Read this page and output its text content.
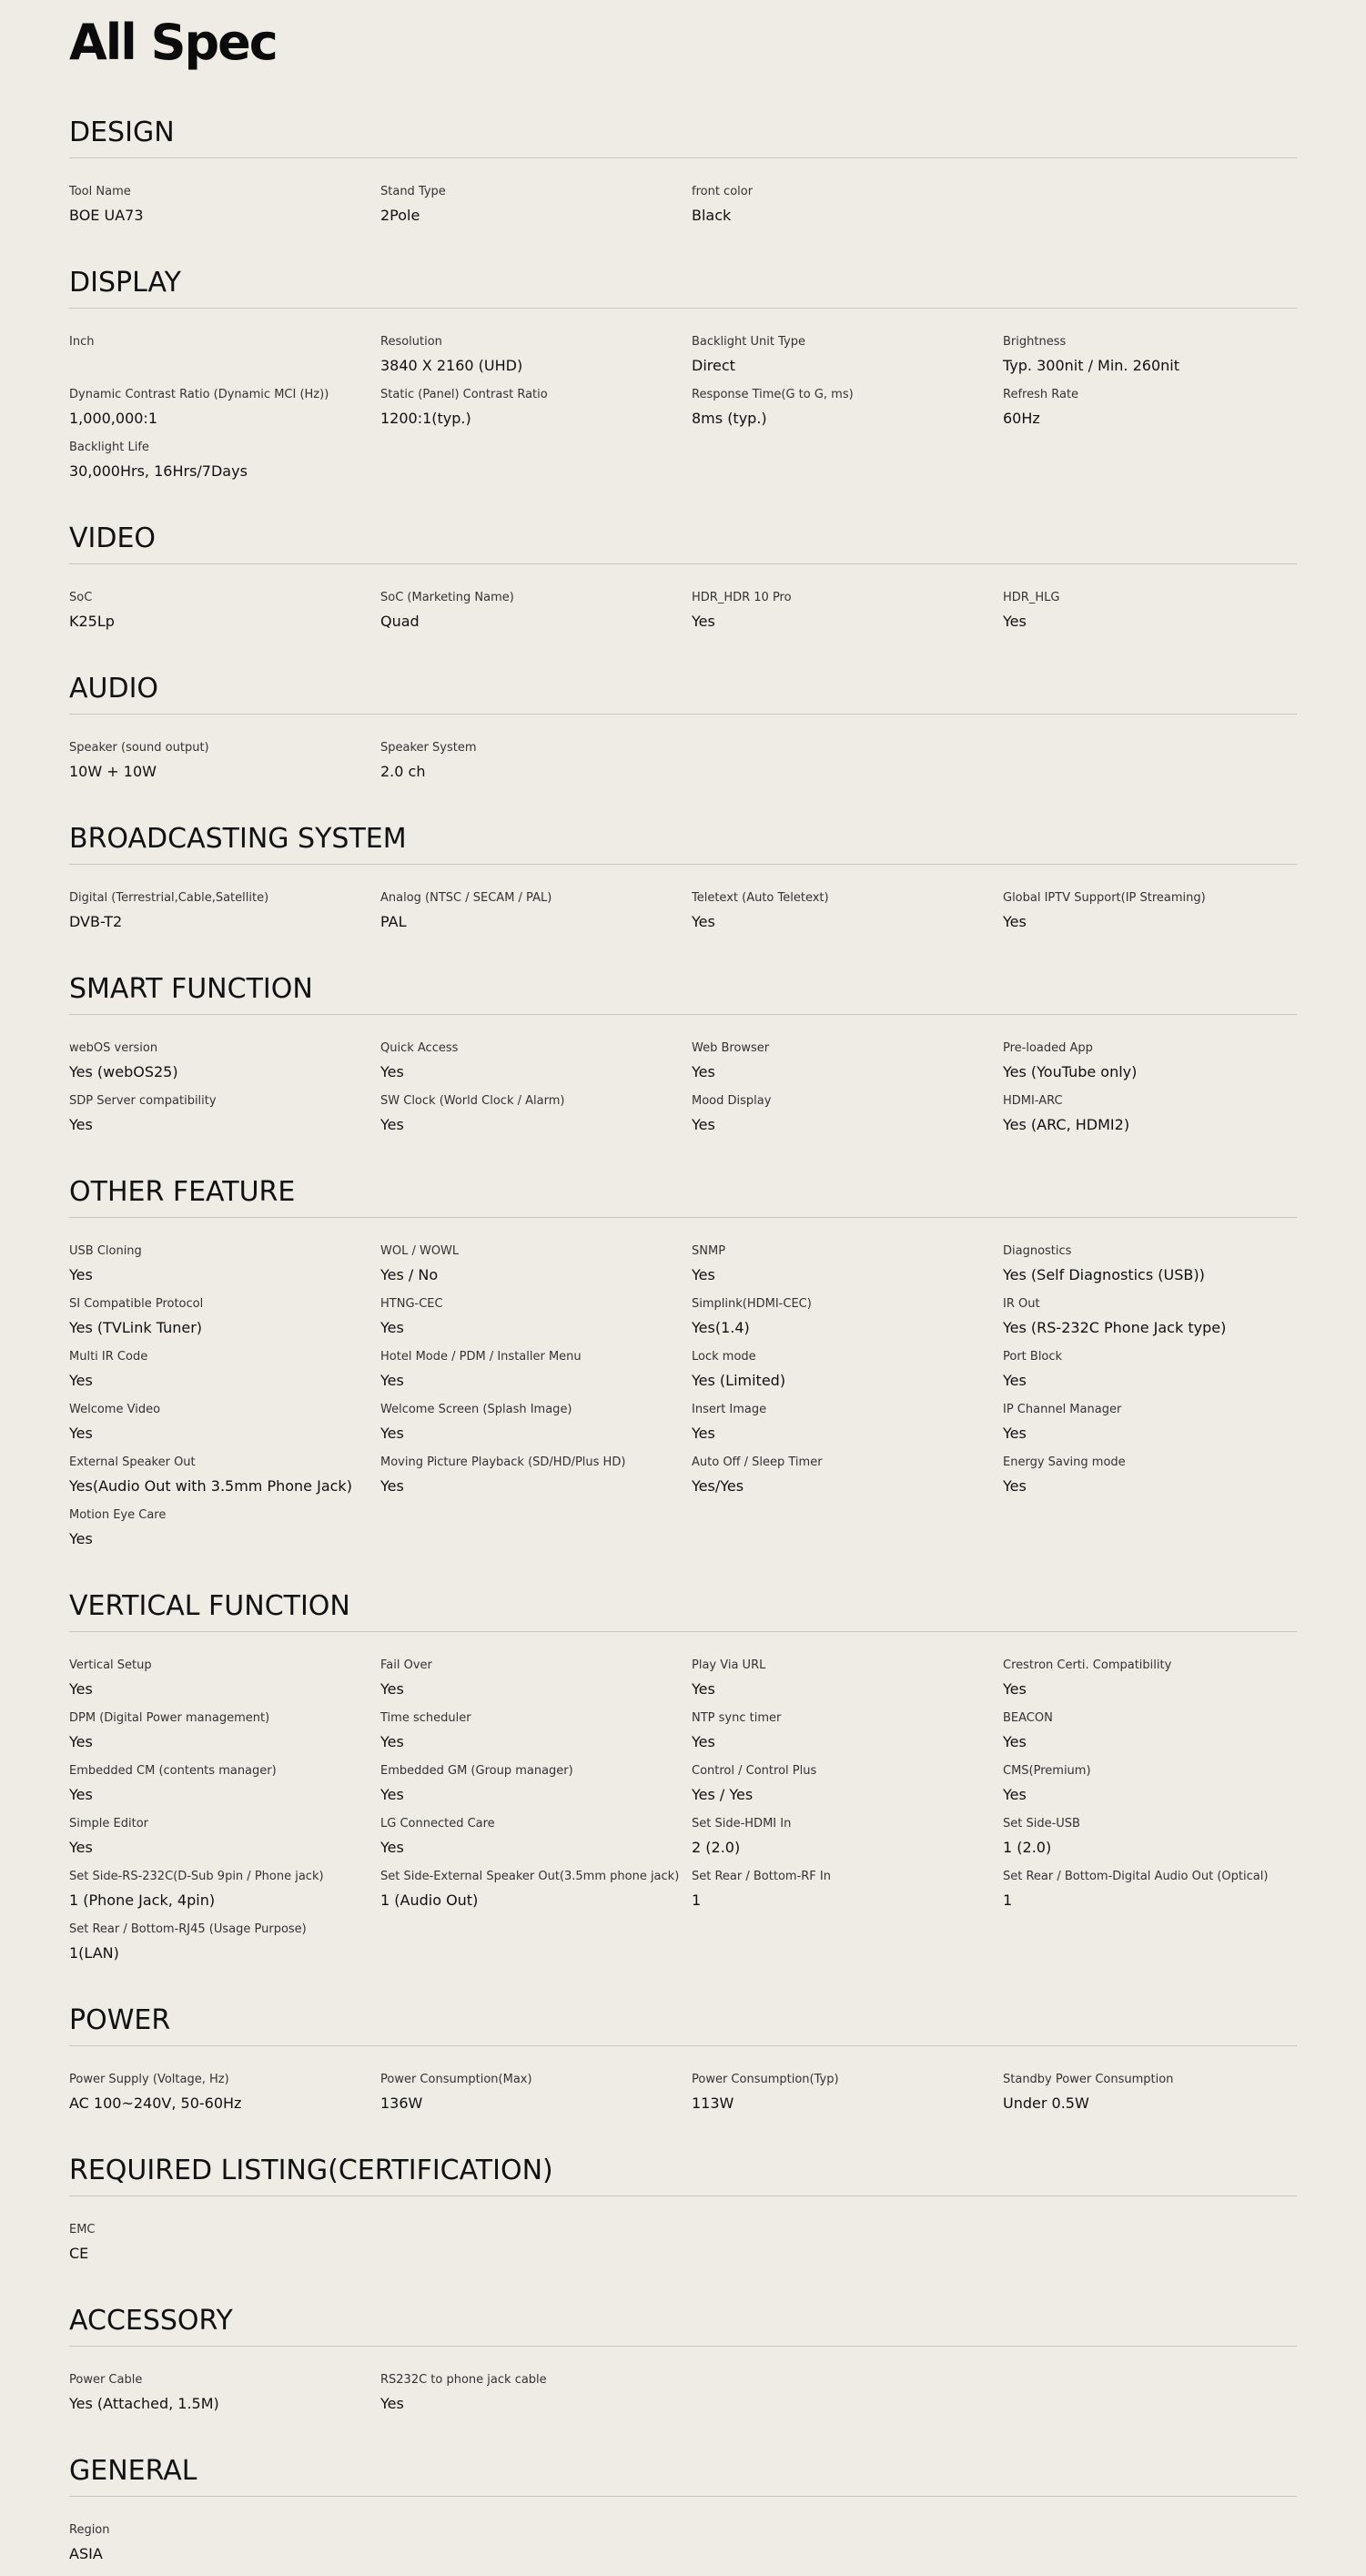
All Spec
DESIGN
Tool Name
BOE UA73
Stand Type
2Pole
front color
Black
DISPLAY
Inch	Resolution
3840 X 2160 (UHD)
Backlight Unit Type
Direct
Brightness
Typ. 300nit / Min. 260nit
Dynamic Contrast Ratio (Dynamic MCI (Hz))
1,000,000:1
Static (Panel) Contrast Ratio
1200:1(typ.)
Response Time(G to G, ms)
8ms (typ.)
Refresh Rate
60Hz
Backlight Life
30,000Hrs, 16Hrs/7Days
VIDEO
SoC
K25Lp
SoC (Marketing Name)
Quad
HDR_HDR 10 Pro
Yes
HDR_HLG
Yes
AUDIO
Speaker (sound output)
10W + 10W
Speaker System
2.0 ch
BROADCASTING SYSTEM
Digital (Terrestrial,Cable,Satellite)
DVB-T2
Analog (NTSC / SECAM / PAL)
PAL
Teletext (Auto Teletext)
Yes
Global IPTV Support(IP Streaming)
Yes
SMART FUNCTION
webOS version
Yes (webOS25)
Quick Access
Yes
Web Browser
Yes
Pre-loaded App
Yes (YouTube only)
SDP Server compatibility
Yes
SW Clock (World Clock / Alarm)
Yes
Mood Display
Yes
HDMI-ARC
Yes (ARC, HDMI2)
OTHER FEATURE
USB Cloning
Yes
WOL / WOWL
Yes / No
SNMP
Yes
Diagnostics
Yes (Self Diagnostics (USB))
SI Compatible Protocol
Yes (TVLink Tuner)
HTNG-CEC
Yes
Simplink(HDMI-CEC)
Yes(1.4)
IR Out
Yes (RS-232C Phone Jack type)
Multi IR Code
Yes
Hotel Mode / PDM / Installer Menu
Yes
Lock mode
Yes (Limited)
Port Block
Yes
Welcome Video
Yes
Welcome Screen (Splash Image)
Yes
Insert Image
Yes
IP Channel Manager
Yes
External Speaker Out
Yes(Audio Out with 3.5mm Phone Jack)
Moving Picture Playback (SD/HD/Plus HD)
Yes
Auto Off / Sleep Timer
Yes/Yes
Energy Saving mode
Yes
Motion Eye Care
Yes
VERTICAL FUNCTION
Vertical Setup
Yes
Fail Over
Yes
Play Via URL
Yes
Crestron Certi. Compatibility
Yes
DPM (Digital Power management)
Yes
Time scheduler
Yes
NTP sync timer
Yes
BEACON
Yes
Embedded CM (contents manager)
Yes
Embedded GM (Group manager)
Yes
Control / Control Plus
Yes / Yes
CMS(Premium)
Yes
Simple Editor
Yes
LG Connected Care
Yes
Set Side-HDMI In
2 (2.0)
Set Side-USB
1 (2.0)
Set Side-RS-232C(D-Sub 9pin / Phone jack)
1 (Phone Jack, 4pin)
Set Side-External Speaker Out(3.5mm phone jack)
1 (Audio Out)
Set Rear / Bottom-RF In
1
Set Rear / Bottom-Digital Audio Out (Optical)
1
Set Rear / Bottom-RJ45 (Usage Purpose)
1(LAN)
POWER
Power Supply (Voltage, Hz)
AC 100~240V, 50-60Hz
Power Consumption(Max)
136W
Power Consumption(Typ)
113W
Standby Power Consumption
Under 0.5W
REQUIRED LISTING(CERTIFICATION)
EMC
CE
ACCESSORY
Power Cable
Yes (Attached, 1.5M)
RS232C to phone jack cable
Yes
GENERAL
Region
ASIA
